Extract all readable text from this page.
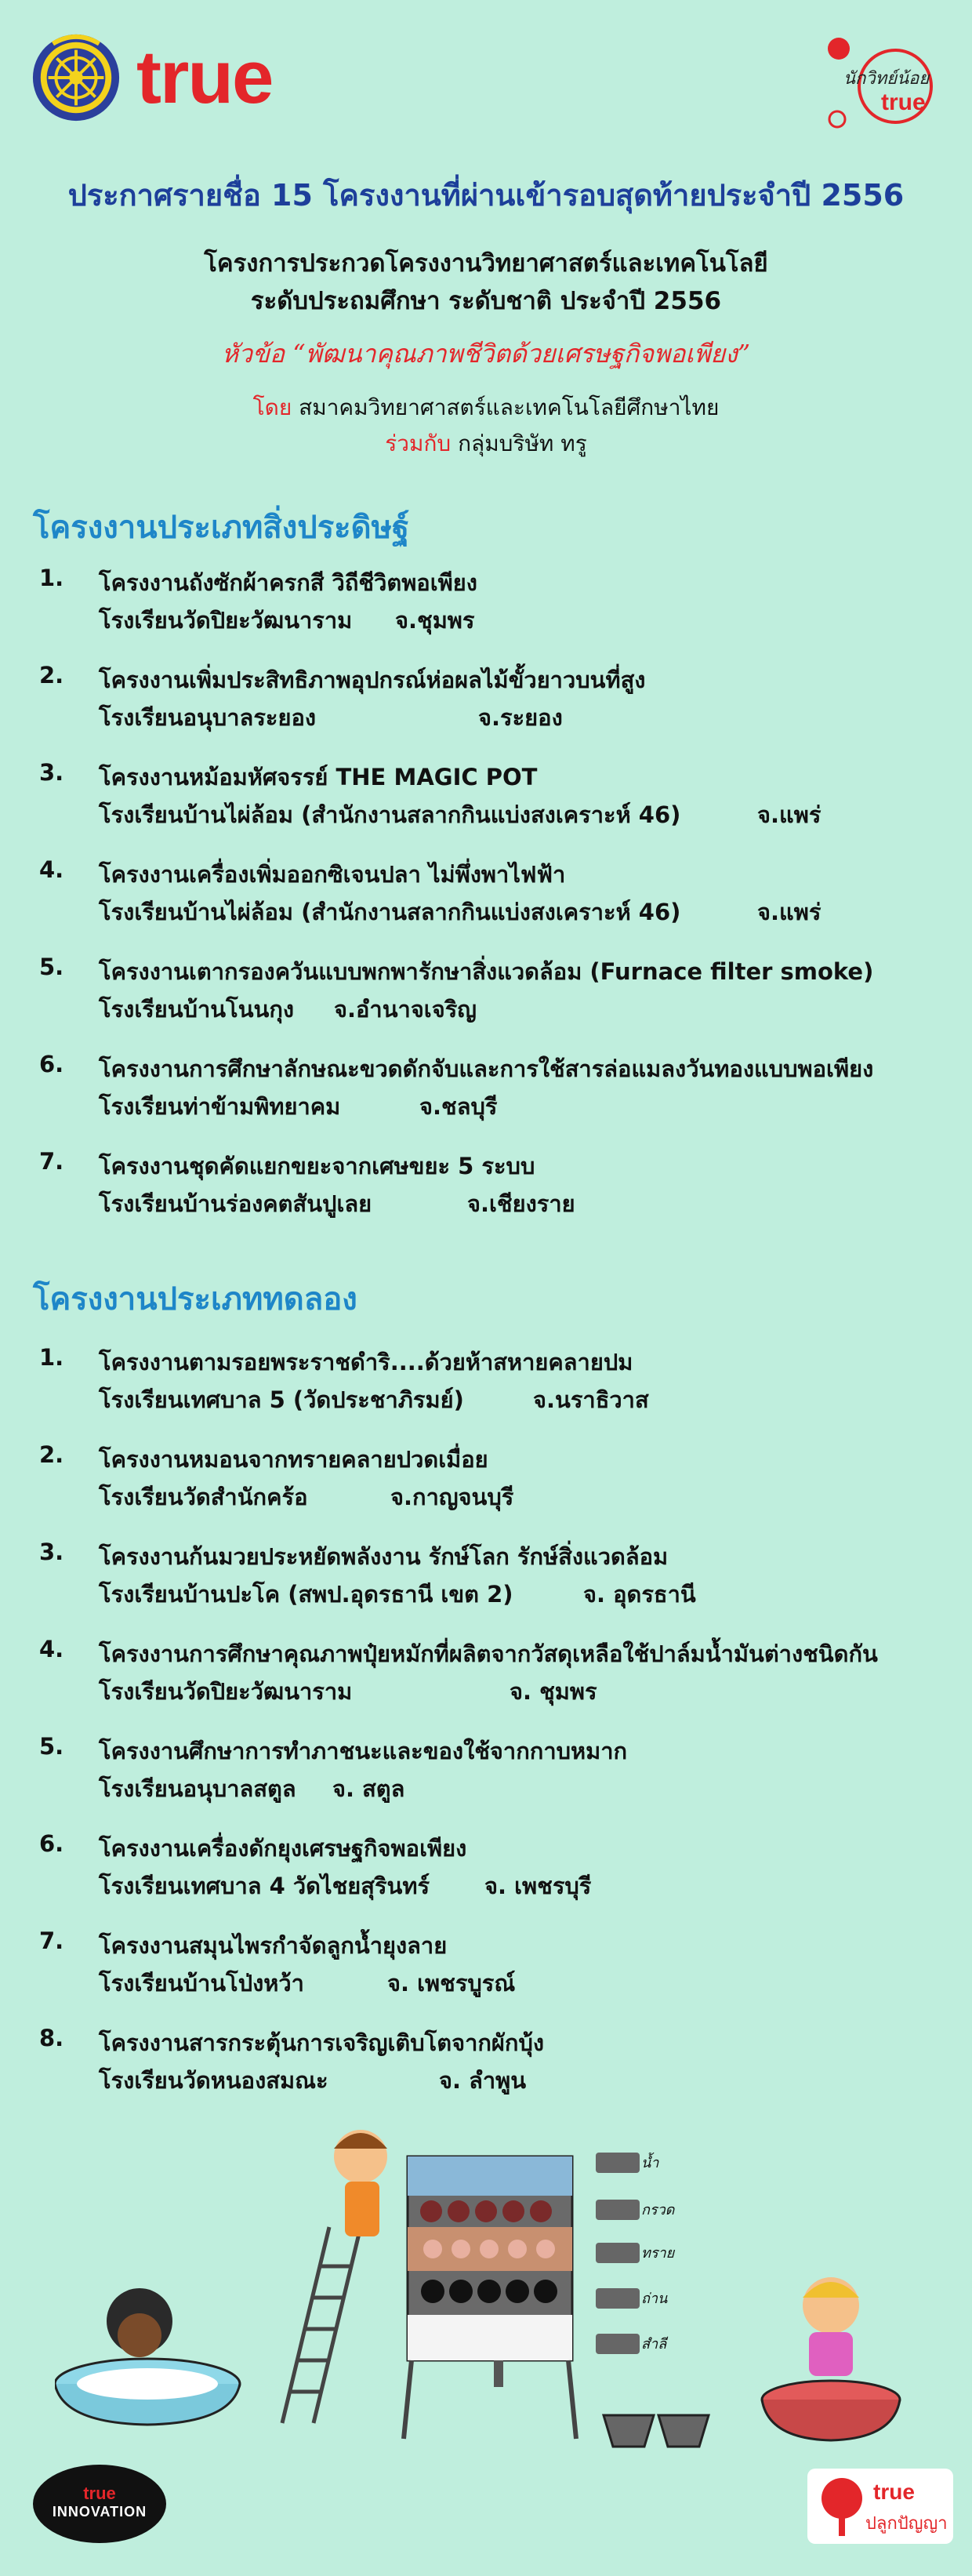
true	นักวิทย์น้อย
true
ประกาศรายชื่อ 15 โครงงานที่ผ่านเข้ารอบสุดท้ายประจำปี 2556
โครงการประกวดโครงงานวิทยาศาสตร์และเทคโนโลยี
ระดับประถมศึกษา ระดับชาติ ประจำปี 2556
หัวข้อ “พัฒนาคุณภาพชีวิตด้วยเศรษฐกิจพอเพียง”
โดย สมาคมวิทยาศาสตร์และเทคโนโลยีศึกษาไทย
ร่วมกับ กลุ่มบริษัท ทรู
โครงงานประเภทสิ่งประดิษฐ์
1. โครงงานถังซักผ้าครกสี วิถีชีวิตพอเพียง
โรงเรียนวัดปิยะวัฒนาราม จ.ชุมพร
2. โครงงานเพิ่มประสิทธิภาพอุปกรณ์ห่อผลไม้ขั้วยาวบนที่สูง
โรงเรียนอนุบาลระยอง	จ.ระยอง
3. โครงงานหม้อมหัศจรรย์ THE MAGIC POT
โรงเรียนบ้านไผ่ล้อม (สำนักงานสลากกินแบ่งสงเคราะห์ 46)	จ.แพร่
4. โครงงานเครื่องเพิ่มออกซิเจนปลา ไม่พึ่งพาไฟฟ้า
โรงเรียนบ้านไผ่ล้อม (สำนักงานสลากกินแบ่งสงเคราะห์ 46)	จ.แพร่
5. โครงงานเตากรองควันแบบพกพารักษาสิ่งแวดล้อม (Furnace filter smoke)
โรงเรียนบ้านโนนกุง จ.อำนาจเจริญ
6. โครงงานการศึกษาลักษณะขวดดักจับและการใช้สารล่อแมลงวันทองแบบพอเพียง
โรงเรียนท่าข้ามพิทยาคม	จ.ชลบุรี
7. โครงงานชุดคัดแยกขยะจากเศษขยะ 5 ระบบ
โรงเรียนบ้านร่องคตสันปูเลย	จ.เชียงราย
โครงงานประเภททดลอง
1. โครงงานตามรอยพระราชดำริ....ด้วยห้าสหายคลายปม
โรงเรียนเทศบาล 5 (วัดประชาภิรมย์)	จ.นราธิวาส
2. โครงงานหมอนจากทรายคลายปวดเมื่อย
โรงเรียนวัดสำนักคร้อ	จ.กาญจนบุรี
3. โครงงานก้นมวยประหยัดพลังงาน รักษ์โลก รักษ์สิ่งแวดล้อม
โรงเรียนบ้านปะโค (สพป.อุดรธานี เขต 2)	จ. อุดรธานี
4. โครงงานการศึกษาคุณภาพปุ๋ยหมักที่ผลิตจากวัสดุเหลือใช้ปาล์มน้ำมันต่างชนิดกัน
โรงเรียนวัดปิยะวัฒนาราม	จ. ชุมพร
5. โครงงานศึกษาการทำภาชนะและของใช้จากกาบหมาก
โรงเรียนอนุบาลสตูล จ. สตูล
6. โครงงานเครื่องดักยุงเศรษฐกิจพอเพียง
โรงเรียนเทศบาล 4 วัดไชยสุรินทร์ จ. เพชรบุรี
7. โครงงานสมุนไพรกำจัดลูกน้ำยุงลาย
โรงเรียนบ้านโป่งหว้า	จ. เพชรบูรณ์
8. โครงงานสารกระตุ้นการเจริญเติบโตจากผักบุ้ง
โรงเรียนวัดหนองสมณะ	จ. ลำพูน
น้ำ
กรวด
ทราย
ถ่าน
สำลี
true
INNOVATION
true
ปลูกปัญญา
